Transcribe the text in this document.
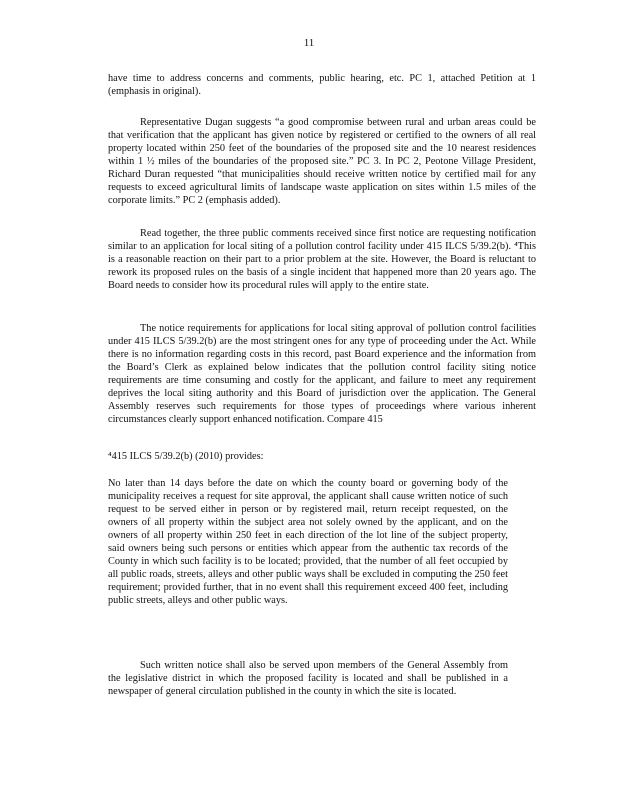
11

have time to address concerns and comments, public hearing, etc. PC 1, attached Petition at 1 (emphasis in original).

Representative Dugan suggests “a good compromise between rural and urban areas could be that verification that the applicant has given notice by registered or certified to the owners of all real property located within 250 feet of the boundaries of the proposed site and the 10 nearest residences within 1 ½ miles of the boundaries of the proposed site.” PC 3. In PC 2, Peotone Village President, Richard Duran requested “that municipalities should receive written notice by certified mail for any requests to exceed agricultural limits of landscape waste application on sites within 1.5 miles of the corporate limits.” PC 2 (emphasis added).

Read together, the three public comments received since first notice are requesting notification similar to an application for local siting of a pollution control facility under 415 ILCS 5/39.2(b). ⁴This is a reasonable reaction on their part to a prior problem at the site. However, the Board is reluctant to rework its proposed rules on the basis of a single incident that happened more than 20 years ago. The Board needs to consider how its procedural rules will apply to the entire state.

The notice requirements for applications for local siting approval of pollution control facilities under 415 ILCS 5/39.2(b) are the most stringent ones for any type of proceeding under the Act. While there is no information regarding costs in this record, past Board experience and the information from the Board’s Clerk as explained below indicates that the pollution control facility siting notice requirements are time consuming and costly for the applicant, and failure to meet any requirement deprives the local siting authority and this Board of jurisdiction over the application. The General Assembly reserves such requirements for those types of proceedings where various inherent circumstances clearly support enhanced notification. Compare 415

⁴415 ILCS 5/39.2(b) (2010) provides:

No later than 14 days before the date on which the county board or governing body of the municipality receives a request for site approval, the applicant shall cause written notice of such request to be served either in person or by registered mail, return receipt requested, on the owners of all property within the subject area not solely owned by the applicant, and on the owners of all property within 250 feet in each direction of the lot line of the subject property, said owners being such persons or entities which appear from the authentic tax records of the County in which such facility is to be located; provided, that the number of all feet occupied by all public roads, streets, alleys and other public ways shall be excluded in computing the 250 feet requirement; provided further, that in no event shall this requirement exceed 400 feet, including public streets, alleys and other public ways.

Such written notice shall also be served upon members of the General Assembly from the legislative district in which the proposed facility is located and shall be published in a newspaper of general circulation published in the county in which the site is located.
